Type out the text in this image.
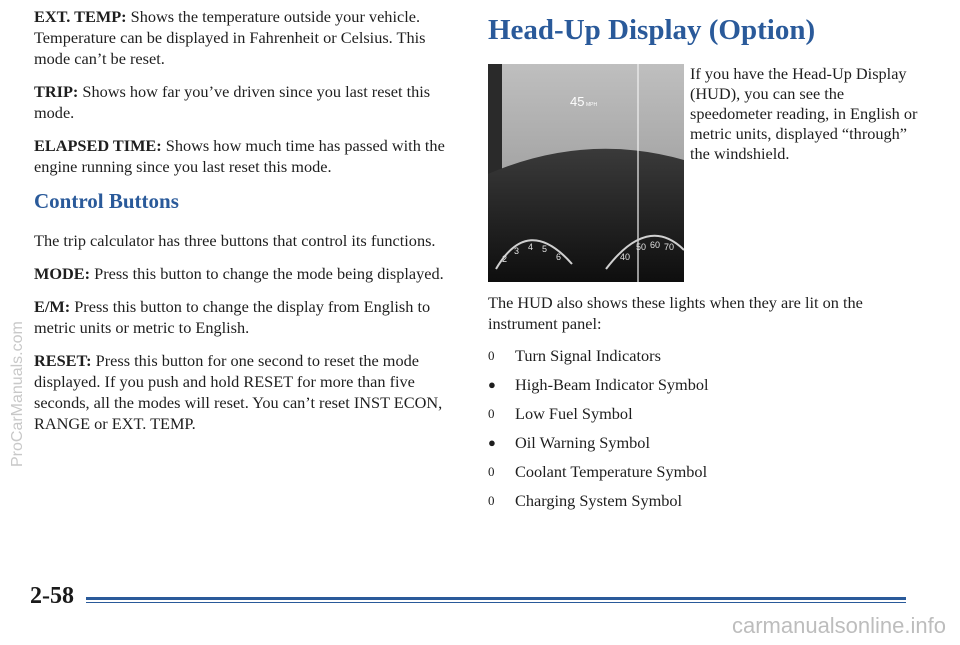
EXT. TEMP: Shows the temperature outside your vehicle. Temperature can be displayed in Fahrenheit or Celsius. This mode can’t be reset.

TRIP: Shows how far you’ve driven since you last reset this mode.

ELAPSED TIME: Shows how much time has passed with the engine running since you last reset this mode.

Control Buttons

The trip calculator has three buttons that control its functions.

MODE: Press this button to change the mode being displayed.

E/M: Press this button to change the display from English to metric units or metric to English.

RESET: Press this button for one second to reset the mode displayed. If you push and hold RESET for more than five seconds, all the modes will reset. You can’t reset INST ECON, RANGE or EXT. TEMP.

Head-Up Display (Option)
45 MPH
2
3 4 5
6
50 60 70
40

If you have the Head-Up Display (HUD), you can see the speedometer reading, in English or metric units, displayed “through” the windshield.

The HUD also shows these lights when they are lit on the instrument panel:

0	Turn Signal Indicators
●	High-Beam Indicator Symbol
0	Low Fuel Symbol
●	Oil Warning Symbol
0	Coolant Temperature Symbol
0	Charging System Symbol
2-58
ProCarManuals.com
carmanualsonline.info
